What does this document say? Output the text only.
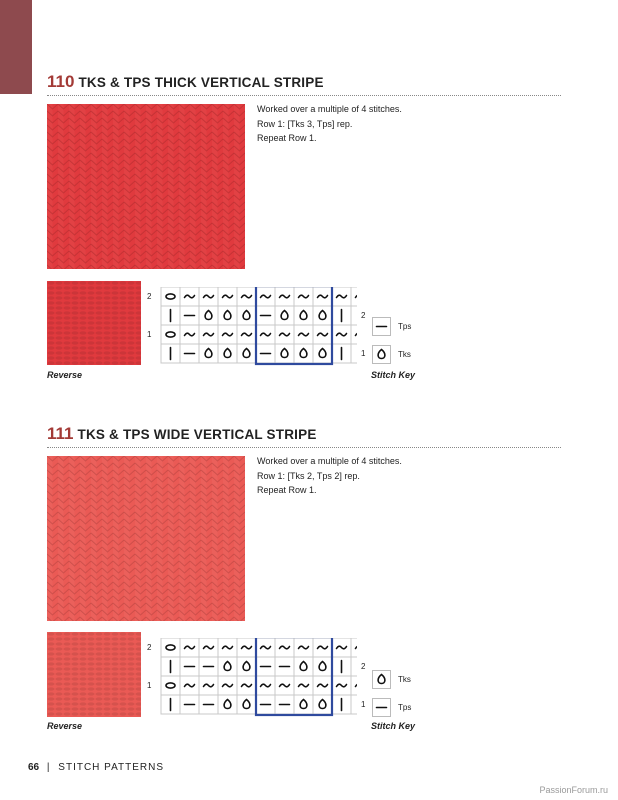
110 TKS & TPS THICK VERTICAL STRIPE
Worked over a multiple of 4 stitches.
Row 1: [Tks 3, Tps] rep.
Repeat Row 1.
Reverse
2
2
1
1
Tps
Tks
Stitch Key
111 TKS & TPS WIDE VERTICAL STRIPE
Worked over a multiple of 4 stitches.
Row 1: [Tks 2, Tps 2] rep.
Repeat Row 1.
Reverse
2
2
1
1
Tks
Tps
Stitch Key
66 | STITCH PATTERNS
PassionForum.ru
